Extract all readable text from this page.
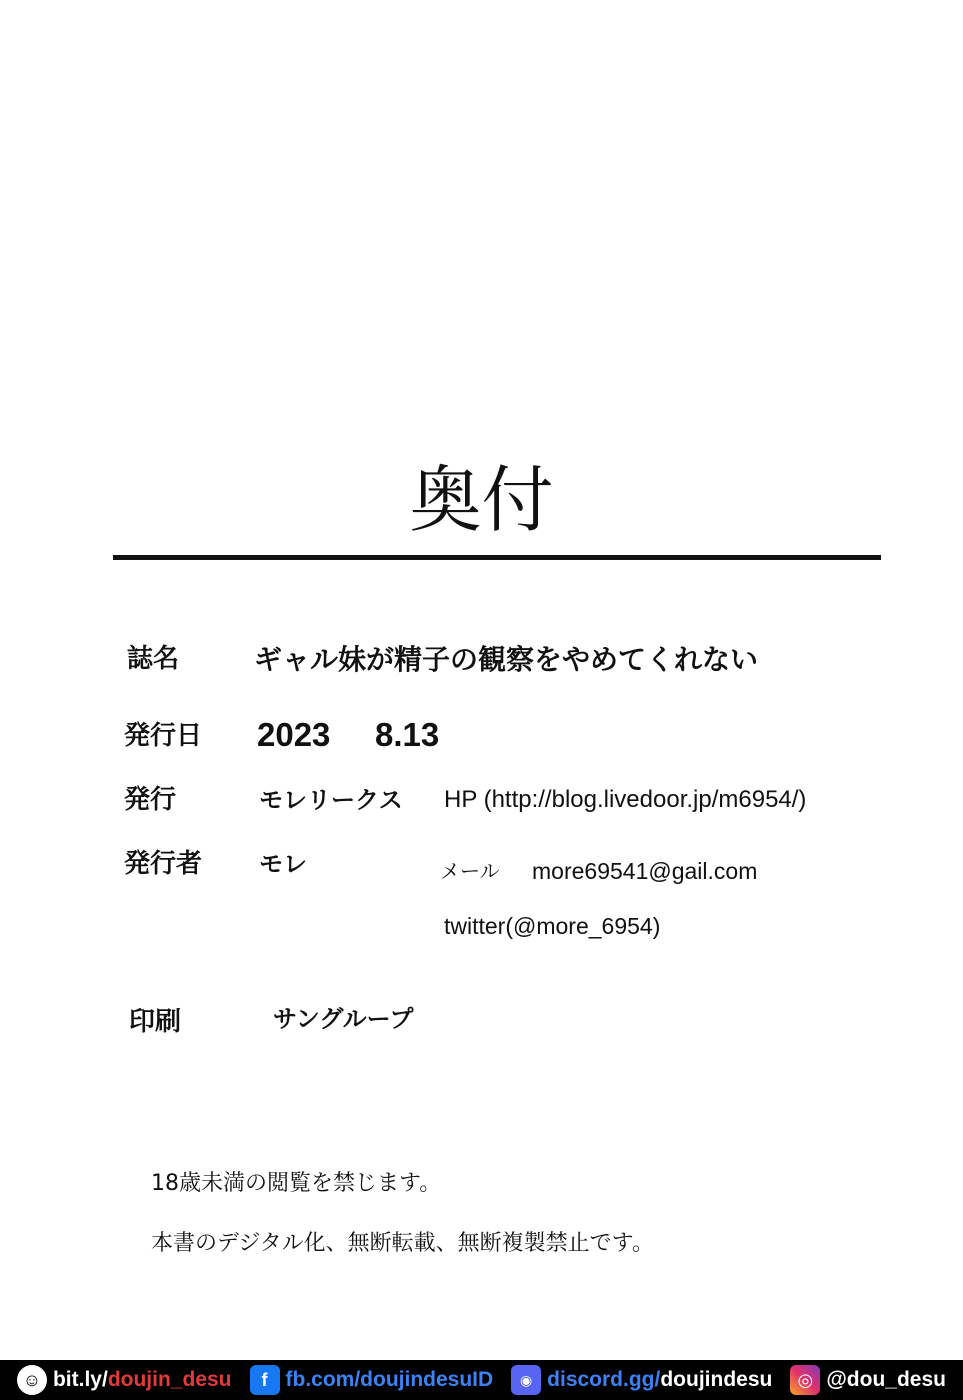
奥付
誌名	ギャル妹が精子の観察をやめてくれない
発行日 2023 8.13
発行	モレリークス HP (http://blog.livedoor.jp/m6954/)
発行者 モレ	メール more69541@gail.com
twitter(@more_6954)
印刷	サングループ
18歳未満の閲覧を禁じます。
本書のデジタル化、無断転載、無断複製禁止です。
☺ bit.ly/doujin_desu	f fb.com/doujindesuID	◉ discord.gg/doujindesu	◎ @dou_desu
